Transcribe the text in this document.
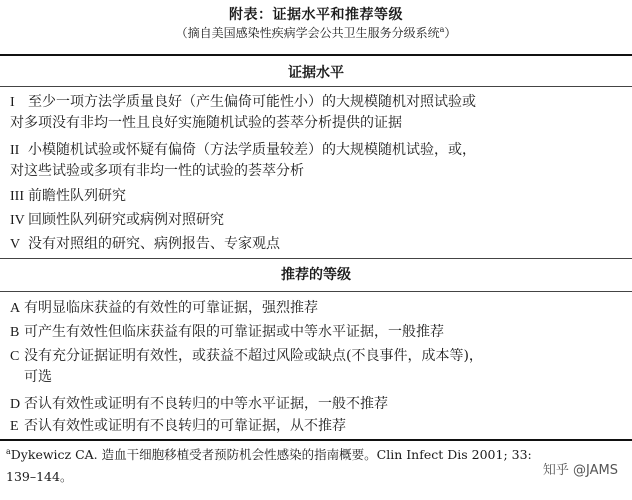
附表：证据水平和推荐等级
（摘自美国感染性疾病学会公共卫生服务分级系统$^a$）
证据水平
I 至少一项方法学质量良好（产生偏倚可能性小）的大规模随机对照试验或
对多项没有非均一性且良好实施随机试验的荟萃分析提供的证据
II 小模随机试验或怀疑有偏倚（方法学质量较差）的大规模随机试验，或，
对这些试验或多项有非均一性的试验的荟萃分析
III 前瞻性队列研究
IV 回顾性队列研究或病例对照研究
V 没有对照组的研究、病例报告、专家观点
推荐的等级
A 有明显临床获益的有效性的可靠证据，强烈推荐
B 可产生有效性但临床获益有限的可靠证据或中等水平证据，一般推荐
C 没有充分证据证明有效性，或获益不超过风险或缺点(不良事件，成本等)，
可选
D 否认有效性或证明有不良转归的中等水平证据，一般不推荐
E 否认有效性或证明有不良转归的可靠证据，从不推荐
$^a$Dykewicz CA. 造血干细胞移植受者预防机会性感染的指南概要。Clin Infect Dis 2001; 33:
139–144。	知乎 @JAMS
